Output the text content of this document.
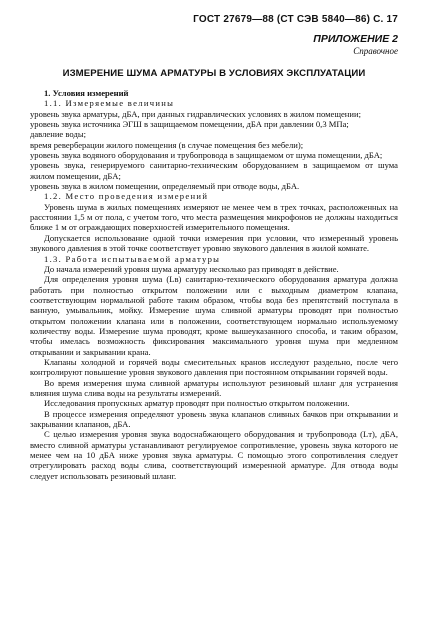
ГОСТ 27679—88 (СТ СЭВ 5840—86) С. 17
ПРИЛОЖЕНИЕ 2
Справочное
ИЗМЕРЕНИЕ ШУМА АРМАТУРЫ В УСЛОВИЯХ ЭКСПЛУАТАЦИИ

1. Условия измерений

1.1. Измеряемые величины

уровень звука арматуры, дБА, при данных гидравлических условиях в жилом помещении;

уровень звука источника ЭГШ в защищаемом помещении, дБА при давлении 0,3 МПа;

давление воды;

время реверберации жилого помещения (в случае помещения без мебели);

уровень звука водяного оборудования и трубопровода в защищаемом от шума помещении, дБА;

уровень звука, генерируемого санитарно-техническим оборудованием в защищаемом от шума жилом помещении, дБА;

уровень звука в жилом помещении, определяемый при отводе воды, дБА.

1.2. Место проведения измерений

Уровень шума в жилых помещениях измеряют не менее чем в трех точках, расположенных на расстоянии 1,5 м от пола, с учетом того, что места размещения микрофонов не должны находиться ближе 1 м от ограждающих поверхностей измерительного помещения.

Допускается использование одной точки измерения при условии, что измеренный уровень звукового давления в этой точке соответствует уровню звукового давления в жилой комнате.

1.3. Работа испытываемой арматуры

До начала измерений уровня шума арматуру несколько раз приводят в действие.

Для определения уровня шума (Lв) санитарно-технического оборудования арматура должна работать при полностью открытом положении или с выходным диаметром клапана, соответствующим нормальной работе таким образом, чтобы вода без препятствий поступала в ванную, умывальник, мойку. Измерение шума сливной арматуры проводят при полностью открытом положении клапана или в положении, соответствующем нормально используемому количеству воды. Измерение шума проводят, кроме вышеуказанного способа, и таким образом, чтобы имелась возможность фиксирования максимального уровня шума при медленном открывании и закрывании крана.

Клапаны холодной и горячей воды смесительных кранов исследуют раздельно, после чего контролируют повышение уровня звукового давления при постоянном открывании горячей воды.

Во время измерения шума сливной арматуры используют резиновый шланг для устранения влияния шума слива воды на результаты измерений.

Исследования пропускных арматур проводят при полностью открытом положении.

В процессе измерения определяют уровень звука клапанов сливных бачков при открывании и закрывании клапанов, дБА.

С целью измерения уровня звука водоснабжающего оборудования и трубопровода (Lт), дБА, вместо сливной арматуры устанавливают регулируемое сопротивление, уровень звука которого не менее чем на 10 дБА ниже уровня звука арматуры. С помощью этого сопротивления следует отрегулировать расход воды слива, соответствующий измеренной арматуре. Для отвода воды следует использовать резиновый шланг.
